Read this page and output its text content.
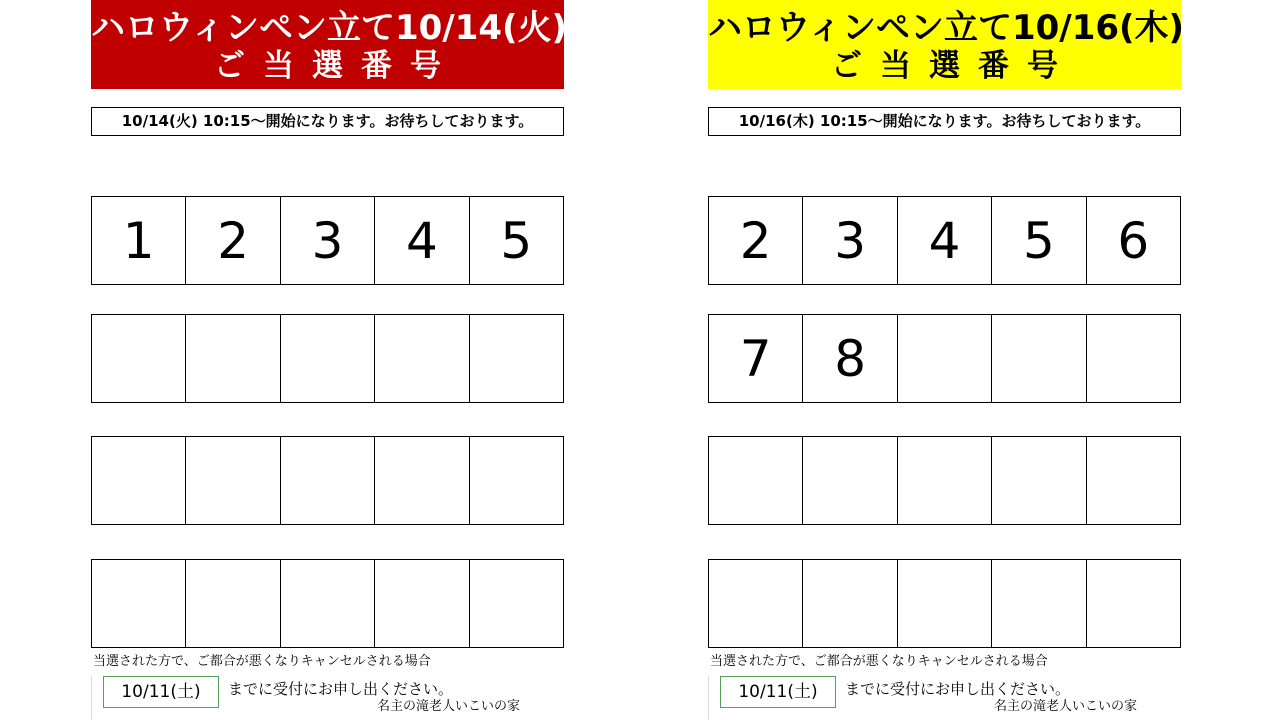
ハロウィンペン立て10/14(火)
ご当選番号
10/14(火) 10:15～開始になります。お待ちしております。
1	2	3	4	5
当選された方で、ご都合が悪くなりキャンセルされる場合
10/11(土)	までに受付にお申し出ください。
名主の滝老人いこいの家
ハロウィンペン立て10/16(木)
ご当選番号
10/16(木) 10:15～開始になります。お待ちしております。
2	3	4	5	6
7	8
当選された方で、ご都合が悪くなりキャンセルされる場合
10/11(土)	までに受付にお申し出ください。
名主の滝老人いこいの家
